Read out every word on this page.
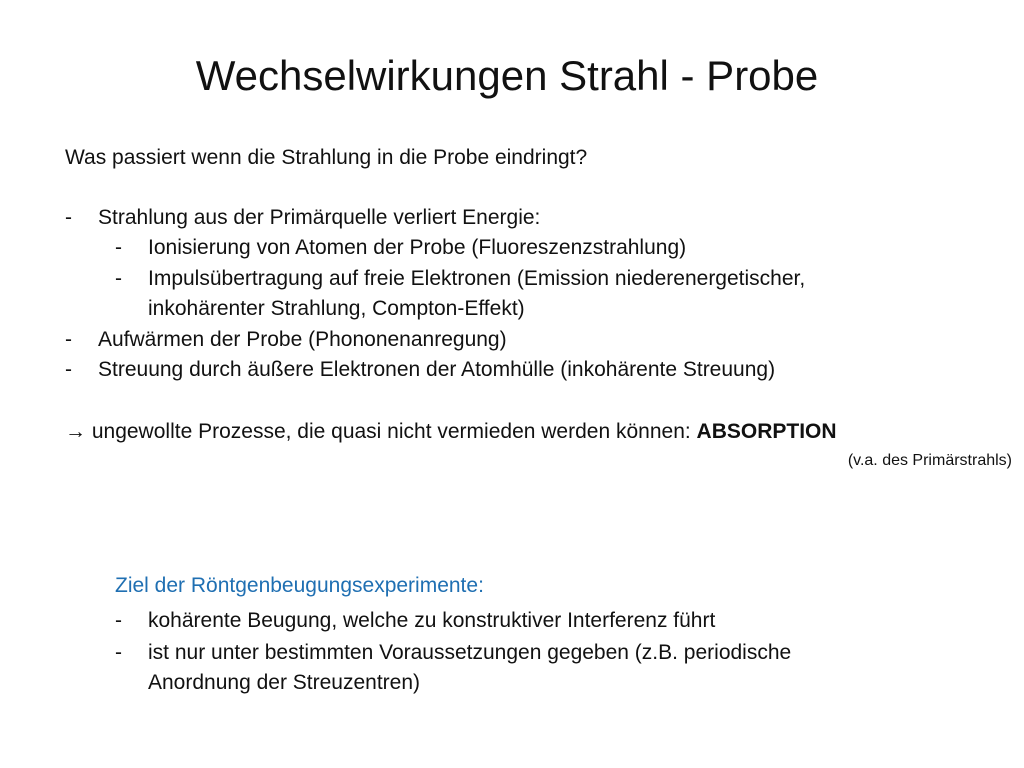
Wechselwirkungen Strahl - Probe
Was passiert wenn die Strahlung in die Probe eindringt?
- Strahlung aus der Primärquelle verliert Energie:
- Ionisierung von Atomen der Probe (Fluoreszenzstrahlung)
- Impulsübertragung auf freie Elektronen (Emission niederenergetischer,
inkohärenter Strahlung, Compton-Effekt)
- Aufwärmen der Probe (Phononenanregung)
- Streuung durch äußere Elektronen der Atomhülle (inkohärente Streuung)
→ ungewollte Prozesse, die quasi nicht vermieden werden können: ABSORPTION
(v.a. des Primärstrahls)
Ziel der Röntgenbeugungsexperimente:
- kohärente Beugung, welche zu konstruktiver Interferenz führt
- ist nur unter bestimmten Voraussetzungen gegeben (z.B. periodische
Anordnung der Streuzentren)
